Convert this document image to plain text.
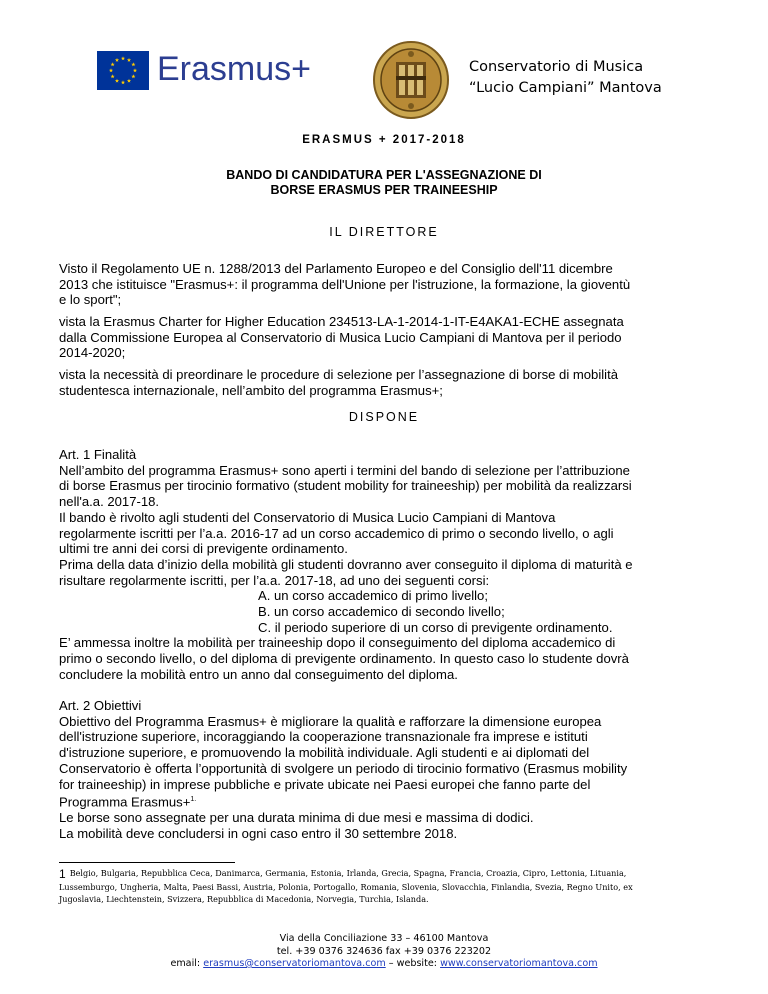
Erasmus+	Conservatorio di Musica
“Lucio Campiani” Mantova
ERASMUS + 2017-2018
BANDO DI CANDIDATURA PER L'ASSEGNAZIONE DI
BORSE ERASMUS PER TRAINEESHIP
IL DIRETTORE
Visto il Regolamento UE n. 1288/2013 del Parlamento Europeo e del Consiglio dell'11 dicembre
2013 che istituisce "Erasmus+: il programma dell'Unione per l'istruzione, la formazione, la gioventù
e lo sport";
vista la Erasmus Charter for Higher Education 234513-LA-1-2014-1-IT-E4AKA1-ECHE assegnata
dalla Commissione Europea al Conservatorio di Musica Lucio Campiani di Mantova per il periodo
2014-2020;
vista la necessità di preordinare le procedure di selezione per l’assegnazione di borse di mobilità
studentesca internazionale, nell’ambito del programma Erasmus+;
DISPONE
Art. 1 Finalità
Nell’ambito del programma Erasmus+ sono aperti i termini del bando di selezione per l’attribuzione
di borse Erasmus per tirocinio formativo (student mobility for traineeship) per mobilità da realizzarsi
nell'a.a. 2017-18.
Il bando è rivolto agli studenti del Conservatorio di Musica Lucio Campiani di Mantova
regolarmente iscritti per l’a.a. 2016-17 ad un corso accademico di primo o secondo livello, o agli
ultimi tre anni dei corsi di previgente ordinamento.
Prima della data d’inizio della mobilità gli studenti dovranno aver conseguito il diploma di maturità e
risultare regolarmente iscritti, per l’a.a. 2017-18, ad uno dei seguenti corsi:
A. un corso accademico di primo livello;
B. un corso accademico di secondo livello;
C. il periodo superiore di un corso di previgente ordinamento.
E’ ammessa inoltre la mobilità per traineeship dopo il conseguimento del diploma accademico di
primo o secondo livello, o del diploma di previgente ordinamento. In questo caso lo studente dovrà
concludere la mobilità entro un anno dal conseguimento del diploma.
Art. 2 Obiettivi
Obiettivo del Programma Erasmus+ è migliorare la qualità e rafforzare la dimensione europea
dell'istruzione superiore, incoraggiando la cooperazione transnazionale fra imprese e istituti
d'istruzione superiore, e promuovendo la mobilità individuale. Agli studenti e ai diplomati del
Conservatorio è offerta l’opportunità di svolgere un periodo di tirocinio formativo (Erasmus mobility
for traineeship) in imprese pubbliche e private ubicate nei Paesi europei che fanno parte del
Programma Erasmus+$^{1.}$
Le borse sono assegnate per una durata minima di due mesi e massima di dodici.
La mobilità deve concludersi in ogni caso entro il 30 settembre 2018.
1 Belgio, Bulgaria, Repubblica Ceca, Danimarca, Germania, Estonia, Irlanda, Grecia, Spagna, Francia, Croazia, Cipro, Lettonia, Lituania,
Lussemburgo, Ungheria, Malta, Paesi Bassi, Austria, Polonia, Portogallo, Romania, Slovenia, Slovacchia, Finlandia, Svezia, Regno Unito, ex
Jugoslavia, Liechtenstein, Svizzera, Repubblica di Macedonia, Norvegia, Turchia, Islanda.
Via della Conciliazione 33 – 46100 Mantova
tel. +39 0376 324636 fax +39 0376 223202
email: erasmus@conservatoriomantova.com – website: www.conservatoriomantova.com
